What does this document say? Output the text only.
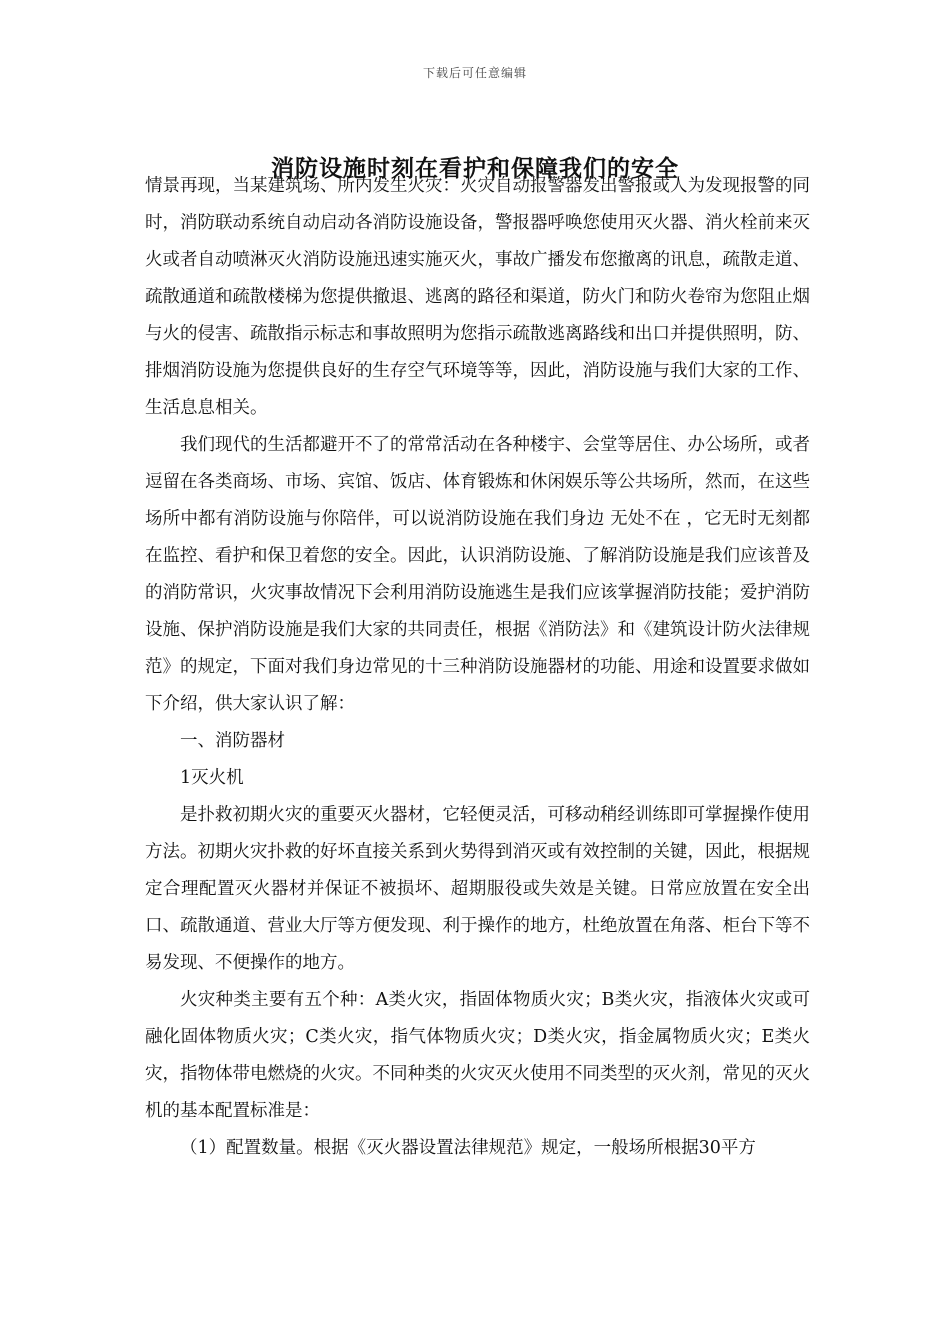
下载后可任意编辑
消防设施时刻在看护和保障我们的安全

情景再现，当某建筑场、所内发生火灾：火灾自动报警器发出警报或人为发现报警的同时，消防联动系统自动启动各消防设施设备，警报器呼唤您使用灭火器、消火栓前来灭火或者自动喷淋灭火消防设施迅速实施灭火，事故广播发布您撤离的讯息，疏散走道、疏散通道和疏散楼梯为您提供撤退、逃离的路径和渠道，防火门和防火卷帘为您阻止烟与火的侵害、疏散指示标志和事故照明为您指示疏散逃离路线和出口并提供照明，防、排烟消防设施为您提供良好的生存空气环境等等，因此，消防设施与我们大家的工作、生活息息相关。

我们现代的生活都避开不了的常常活动在各种楼宇、会堂等居住、办公场所，或者逗留在各类商场、市场、宾馆、饭店、体育锻炼和休闲娱乐等公共场所，然而，在这些场所中都有消防设施与你陪伴，可以说消防设施在我们身边 无处不在 ，它无时无刻都在监控、看护和保卫着您的安全。因此，认识消防设施、了解消防设施是我们应该普及的消防常识，火灾事故情况下会利用消防设施逃生是我们应该掌握消防技能；爱护消防设施、保护消防设施是我们大家的共同责任，根据《消防法》和《建筑设计防火法律规范》的规定，下面对我们身边常见的十三种消防设施器材的功能、用途和设置要求做如下介绍，供大家认识了解：

一、消防器材

1灭火机

是扑救初期火灾的重要灭火器材，它轻便灵活，可移动稍经训练即可掌握操作使用方法。初期火灾扑救的好坏直接关系到火势得到消灭或有效控制的关键，因此，根据规定合理配置灭火器材并保证不被损坏、超期服役或失效是关键。日常应放置在安全出口、疏散通道、营业大厅等方便发现、利于操作的地方，杜绝放置在角落、柜台下等不易发现、不便操作的地方。

火灾种类主要有五个种：A类火灾，指固体物质火灾；B类火灾，指液体火灾或可融化固体物质火灾；C类火灾，指气体物质火灾；D类火灾，指金属物质火灾；E类火灾，指物体带电燃烧的火灾。不同种类的火灾灭火使用不同类型的灭火剂，常见的灭火机的基本配置标准是：

（1）配置数量。根据《灭火器设置法律规范》规定，一般场所根据30平方
